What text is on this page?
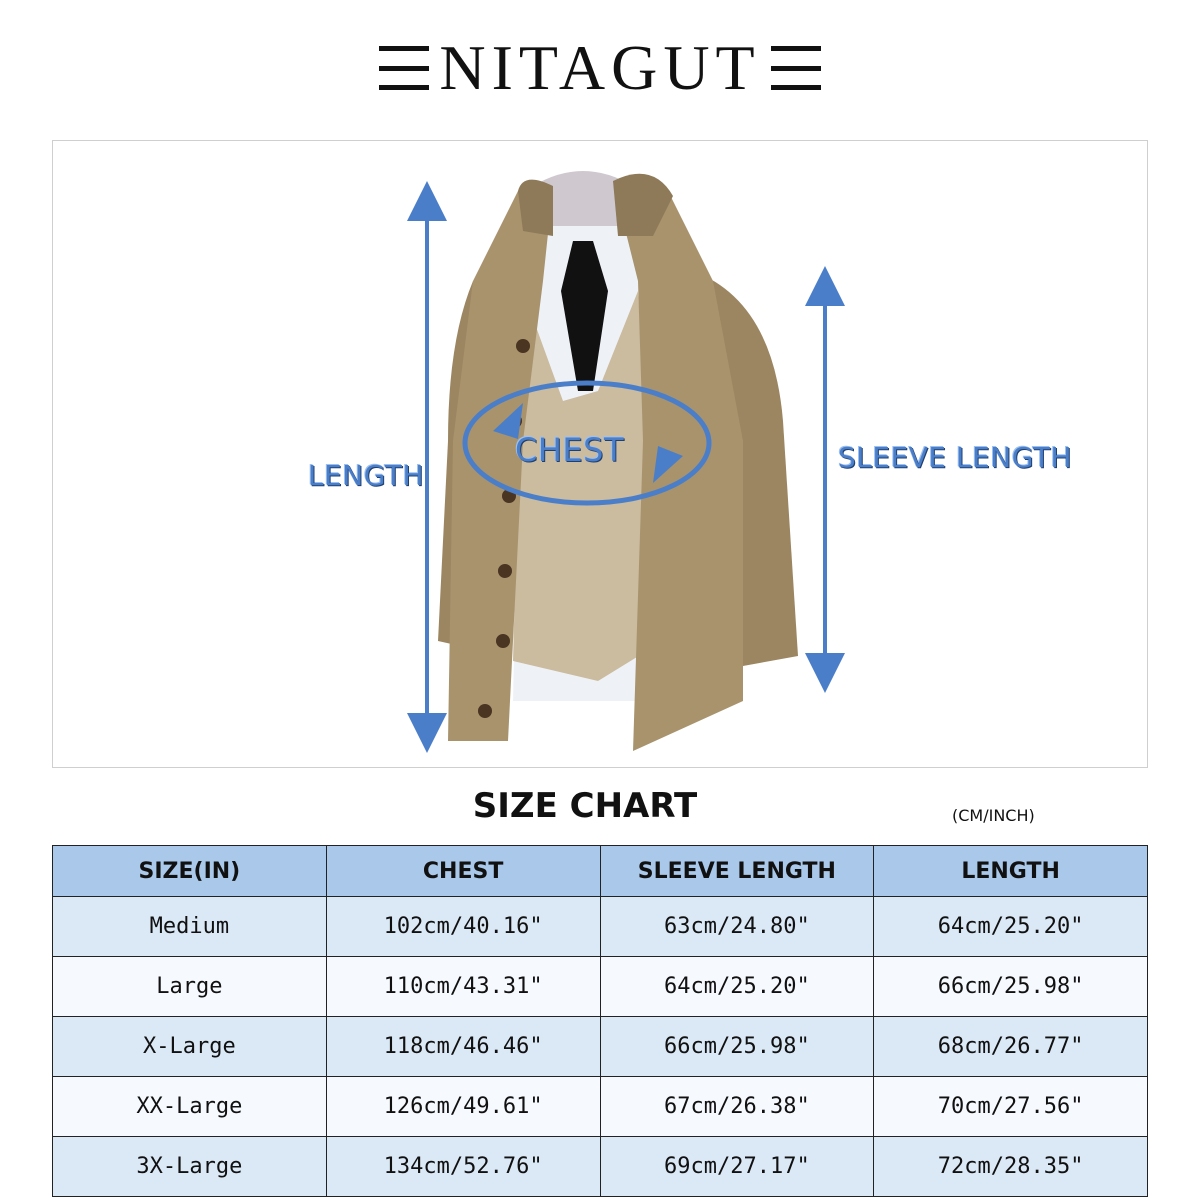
NITAGUT
LENGTH
CHEST	SLEEVE LENGTH
SIZE CHART	(CM/INCH)
SIZE(IN)	CHEST	SLEEVE LENGTH	LENGTH
Medium	102cm/40.16"	63cm/24.80"	64cm/25.20"
Large	110cm/43.31"	64cm/25.20"	66cm/25.98"
X-Large	118cm/46.46"	66cm/25.98"	68cm/26.77"
XX-Large	126cm/49.61"	67cm/26.38"	70cm/27.56"
3X-Large	134cm/52.76"	69cm/27.17"	72cm/28.35"
